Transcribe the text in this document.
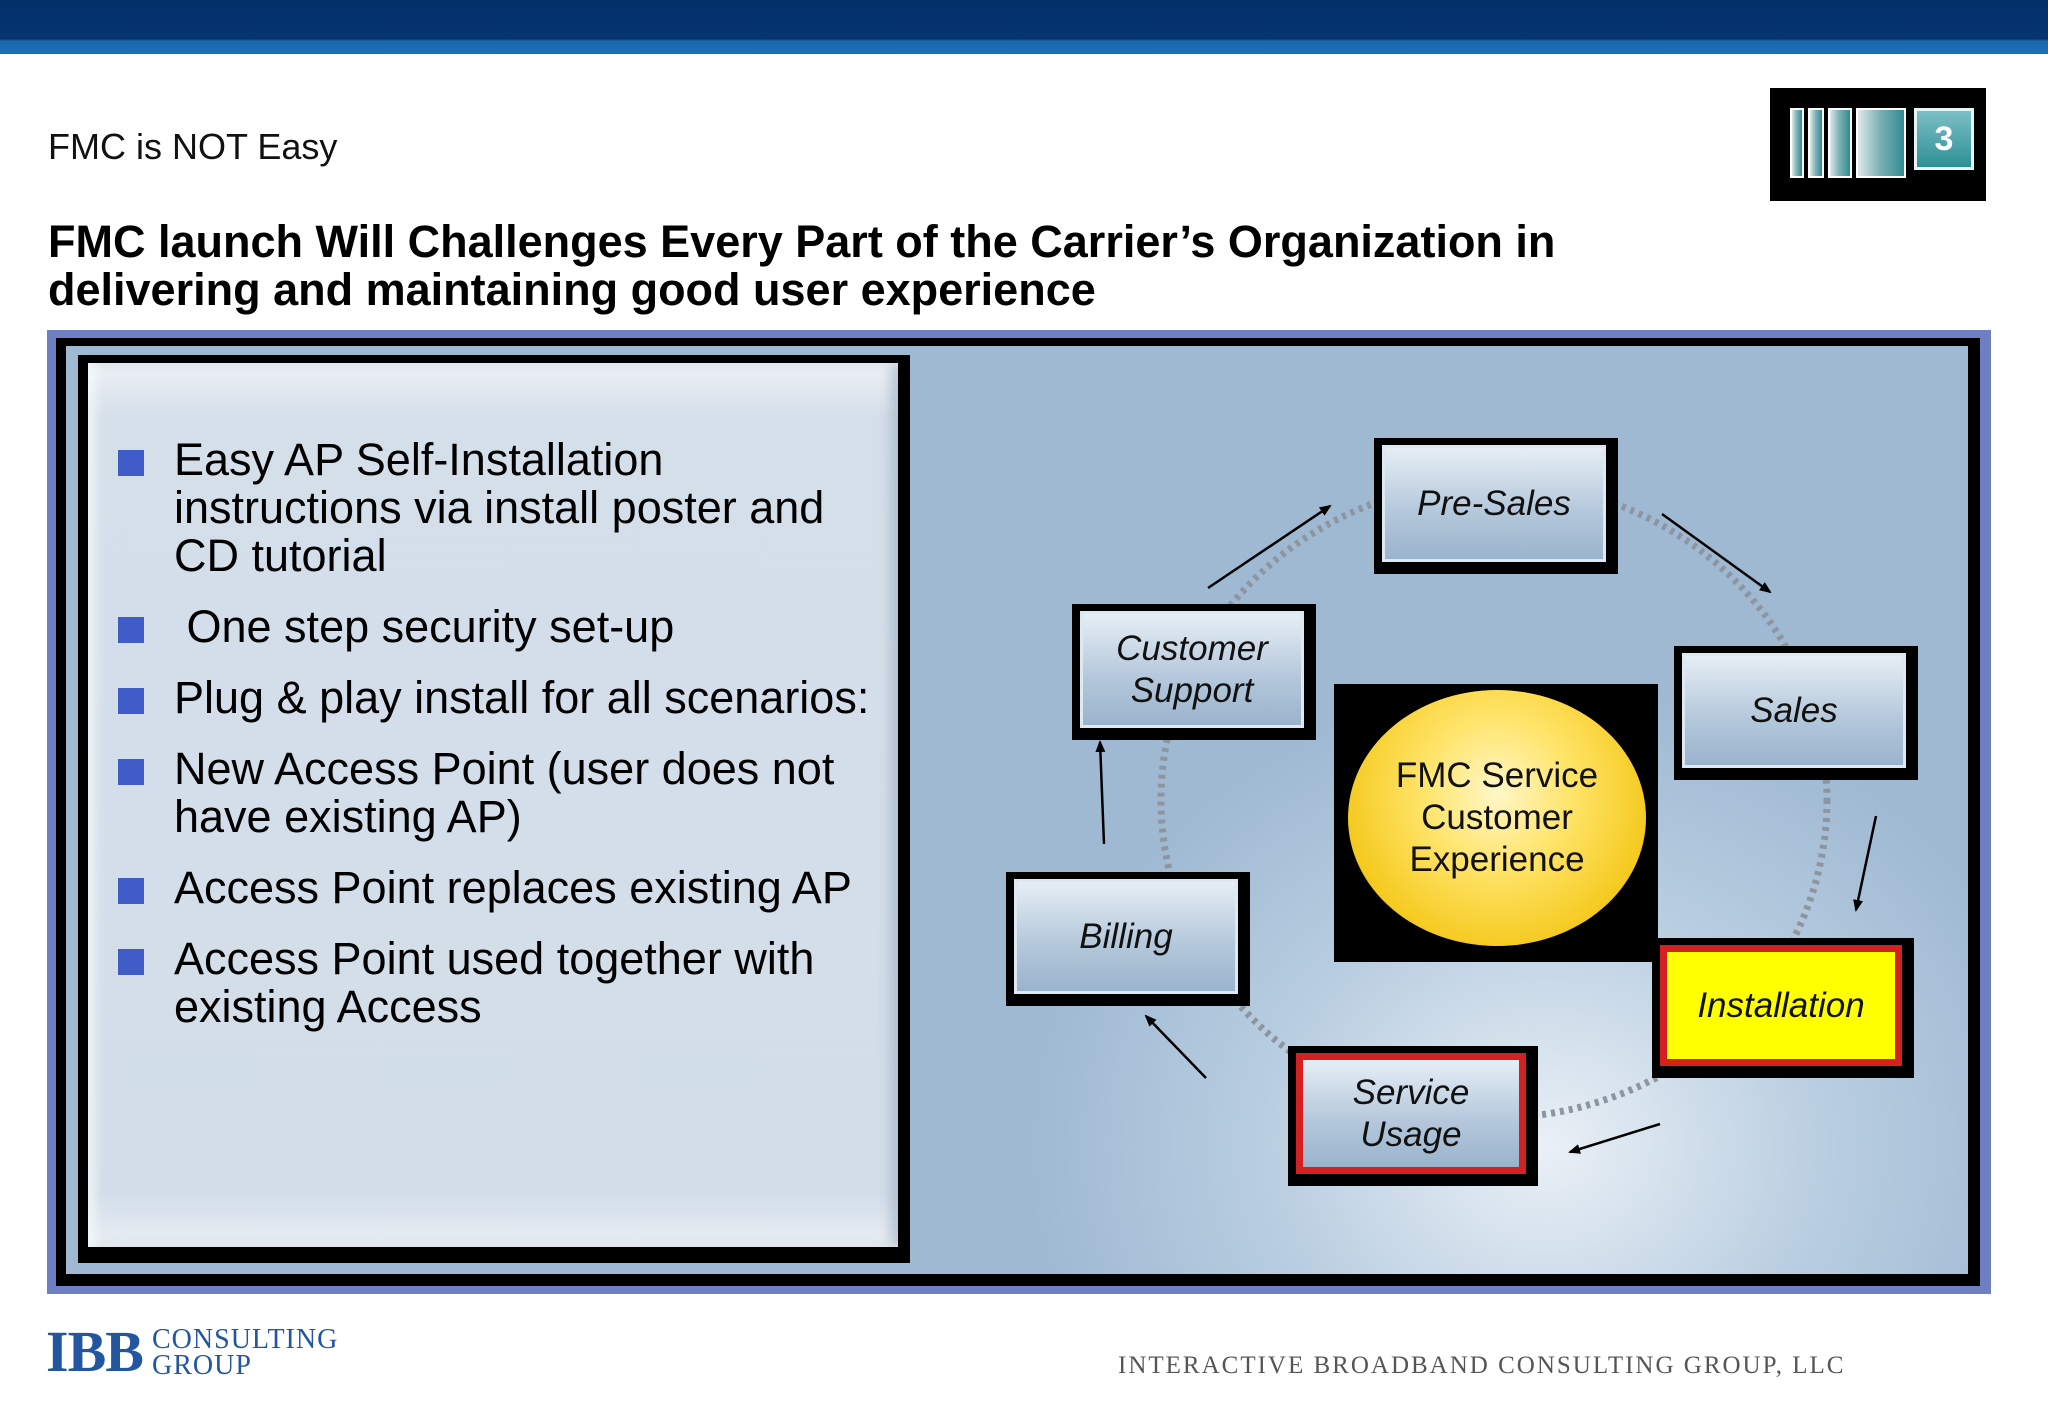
FMC is NOT Easy	3
FMC launch Will Challenges Every Part of the Carrier’s Organization in delivering and maintaining good user experience
Easy AP Self-Installation instructions via install poster and CD tutorial
One step security set-up
Plug & play install for all scenarios:
New Access Point (user does not have existing AP)
Access Point replaces existing AP
Access Point used together with existing Access
Pre-Sales
Sales
Installation
Service Usage
Billing
Customer Support
FMC Service Customer Experience
IBB CONSULTING
GROUP	INTERACTIVE BROADBAND CONSULTING GROUP, LLC
